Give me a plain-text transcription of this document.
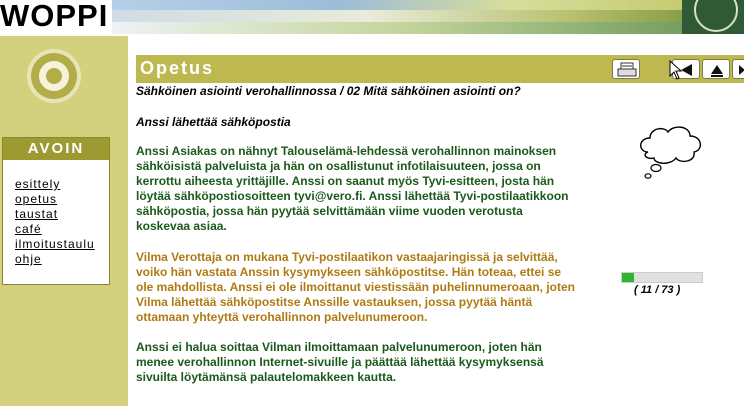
WOPPI
AVOIN
esittely
opetus
taustat
café
ilmoitustaulu
ohje
Opetus
Sähköinen asiointi verohallinnossa / 02 Mitä sähköinen asiointi on?
Anssi lähettää sähköpostia

Anssi Asiakas on nähnyt Talouselämä-lehdessä verohallinnon mainoksen sähköisistä palveluista ja hän on osallistunut infotilaisuuteen, jossa on kerrottu aiheesta yrittäjille. Anssi on saanut myös Tyvi-esitteen, josta hän löytää sähköpostiosoitteen tyvi@vero.fi. Anssi lähettää Tyvi-postilaatikkoon sähköpostia, jossa hän pyytää selvittämään viime vuoden verotusta koskevaa asiaa.

Vilma Verottaja on mukana Tyvi-postilaatikon vastaajaringissä ja selvittää, voiko hän vastata Anssin kysymykseen sähköpostitse. Hän toteaa, ettei se ole mahdollista. Anssi ei ole ilmoittanut viestissään puhelinnumeroaan, joten Vilma lähettää sähköpostitse Anssille vastauksen, jossa pyytää häntä ottamaan yhteyttä verohallinnon palvelunumeroon.

Anssi ei halua soittaa Vilman ilmoittamaan palvelunumeroon, joten hän menee verohallinnon Internet-sivuille ja päättää lähettää kysymyksensä sivuilta löytämänsä palautelomakkeen kautta.

( 11 / 73 )
